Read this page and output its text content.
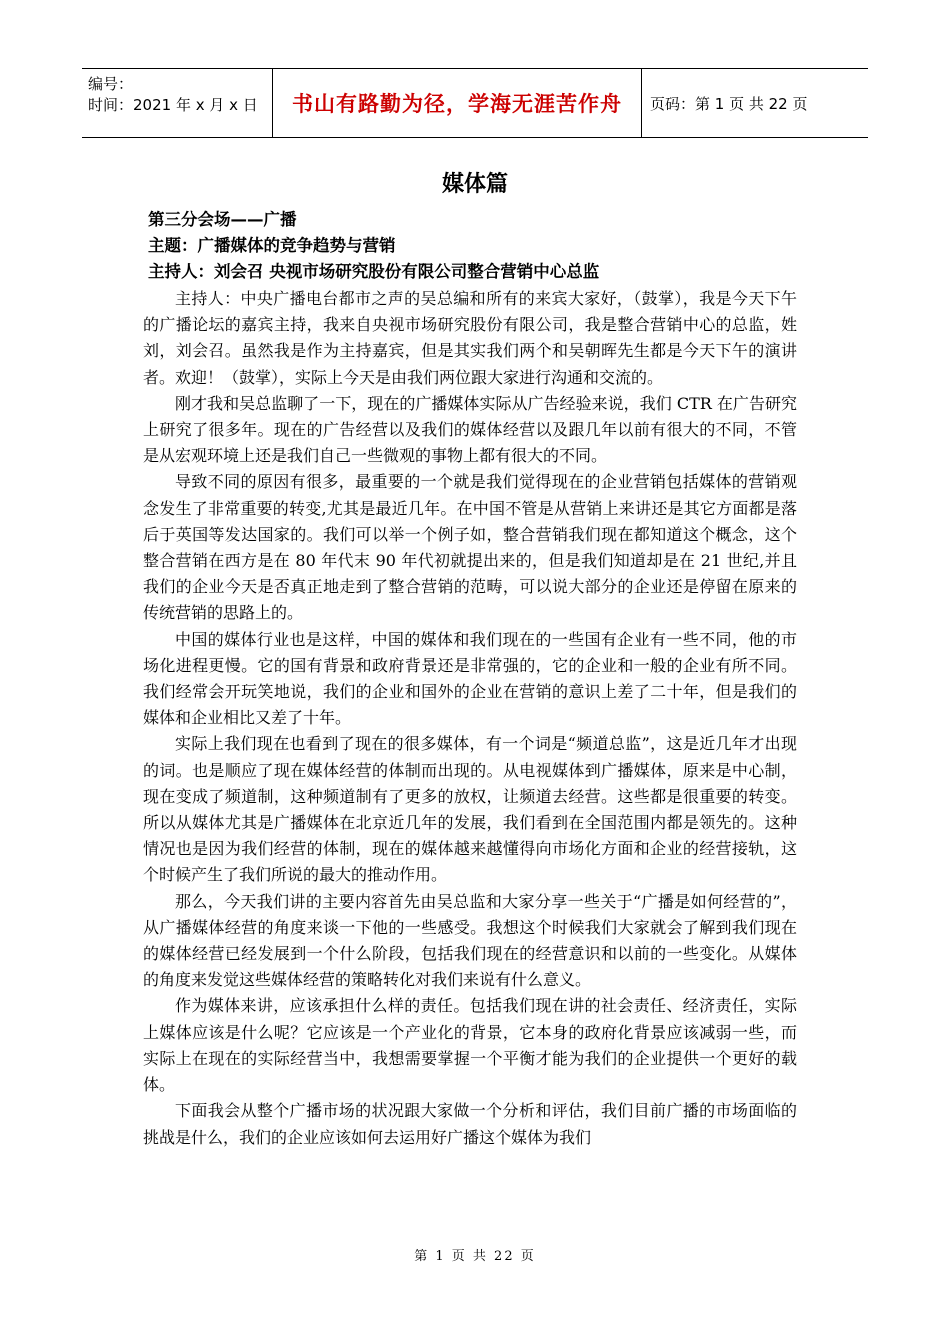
编号：
时间：2021 年 x 月 x 日	书山有路勤为径，学海无涯苦作舟	页码：第 1 页 共 22 页
媒体篇
第三分会场——广播
主题：广播媒体的竞争趋势与营销
主持人：刘会召 央视市场研究股份有限公司整合营销中心总监

主持人：中央广播电台都市之声的吴总编和所有的来宾大家好，（鼓掌），我是今天下午的广播论坛的嘉宾主持，我来自央视市场研究股份有限公司，我是整合营销中心的总监，姓刘，刘会召。虽然我是作为主持嘉宾，但是其实我们两个和吴朝晖先生都是今天下午的演讲者。欢迎！（鼓掌），实际上今天是由我们两位跟大家进行沟通和交流的。

刚才我和吴总监聊了一下，现在的广播媒体实际从广告经验来说，我们 CTR 在广告研究上研究了很多年。现在的广告经营以及我们的媒体经营以及跟几年以前有很大的不同，不管是从宏观环境上还是我们自己一些微观的事物上都有很大的不同。

导致不同的原因有很多，最重要的一个就是我们觉得现在的企业营销包括媒体的营销观念发生了非常重要的转变,尤其是最近几年。在中国不管是从营销上来讲还是其它方面都是落后于英国等发达国家的。我们可以举一个例子如，整合营销我们现在都知道这个概念，这个整合营销在西方是在 80 年代末 90 年代初就提出来的，但是我们知道却是在 21 世纪,并且我们的企业今天是否真正地走到了整合营销的范畴，可以说大部分的企业还是停留在原来的传统营销的思路上的。

中国的媒体行业也是这样，中国的媒体和我们现在的一些国有企业有一些不同，他的市场化进程更慢。它的国有背景和政府背景还是非常强的，它的企业和一般的企业有所不同。我们经常会开玩笑地说，我们的企业和国外的企业在营销的意识上差了二十年，但是我们的媒体和企业相比又差了十年。

实际上我们现在也看到了现在的很多媒体，有一个词是“频道总监”，这是近几年才出现的词。也是顺应了现在媒体经营的体制而出现的。从电视媒体到广播媒体，原来是中心制，现在变成了频道制，这种频道制有了更多的放权，让频道去经营。这些都是很重要的转变。所以从媒体尤其是广播媒体在北京近几年的发展，我们看到在全国范围内都是领先的。这种情况也是因为我们经营的体制，现在的媒体越来越懂得向市场化方面和企业的经营接轨，这个时候产生了我们所说的最大的推动作用。

那么，今天我们讲的主要内容首先由吴总监和大家分享一些关于“广播是如何经营的”，从广播媒体经营的角度来谈一下他的一些感受。我想这个时候我们大家就会了解到我们现在的媒体经营已经发展到一个什么阶段，包括我们现在的经营意识和以前的一些变化。从媒体的角度来发觉这些媒体经营的策略转化对我们来说有什么意义。

作为媒体来讲，应该承担什么样的责任。包括我们现在讲的社会责任、经济责任，实际上媒体应该是什么呢？它应该是一个产业化的背景，它本身的政府化背景应该减弱一些，而实际上在现在的实际经营当中，我想需要掌握一个平衡才能为我们的企业提供一个更好的载体。

下面我会从整个广播市场的状况跟大家做一个分析和评估，我们目前广播的市场面临的挑战是什么，我们的企业应该如何去运用好广播这个媒体为我们

第 1 页 共 22 页
